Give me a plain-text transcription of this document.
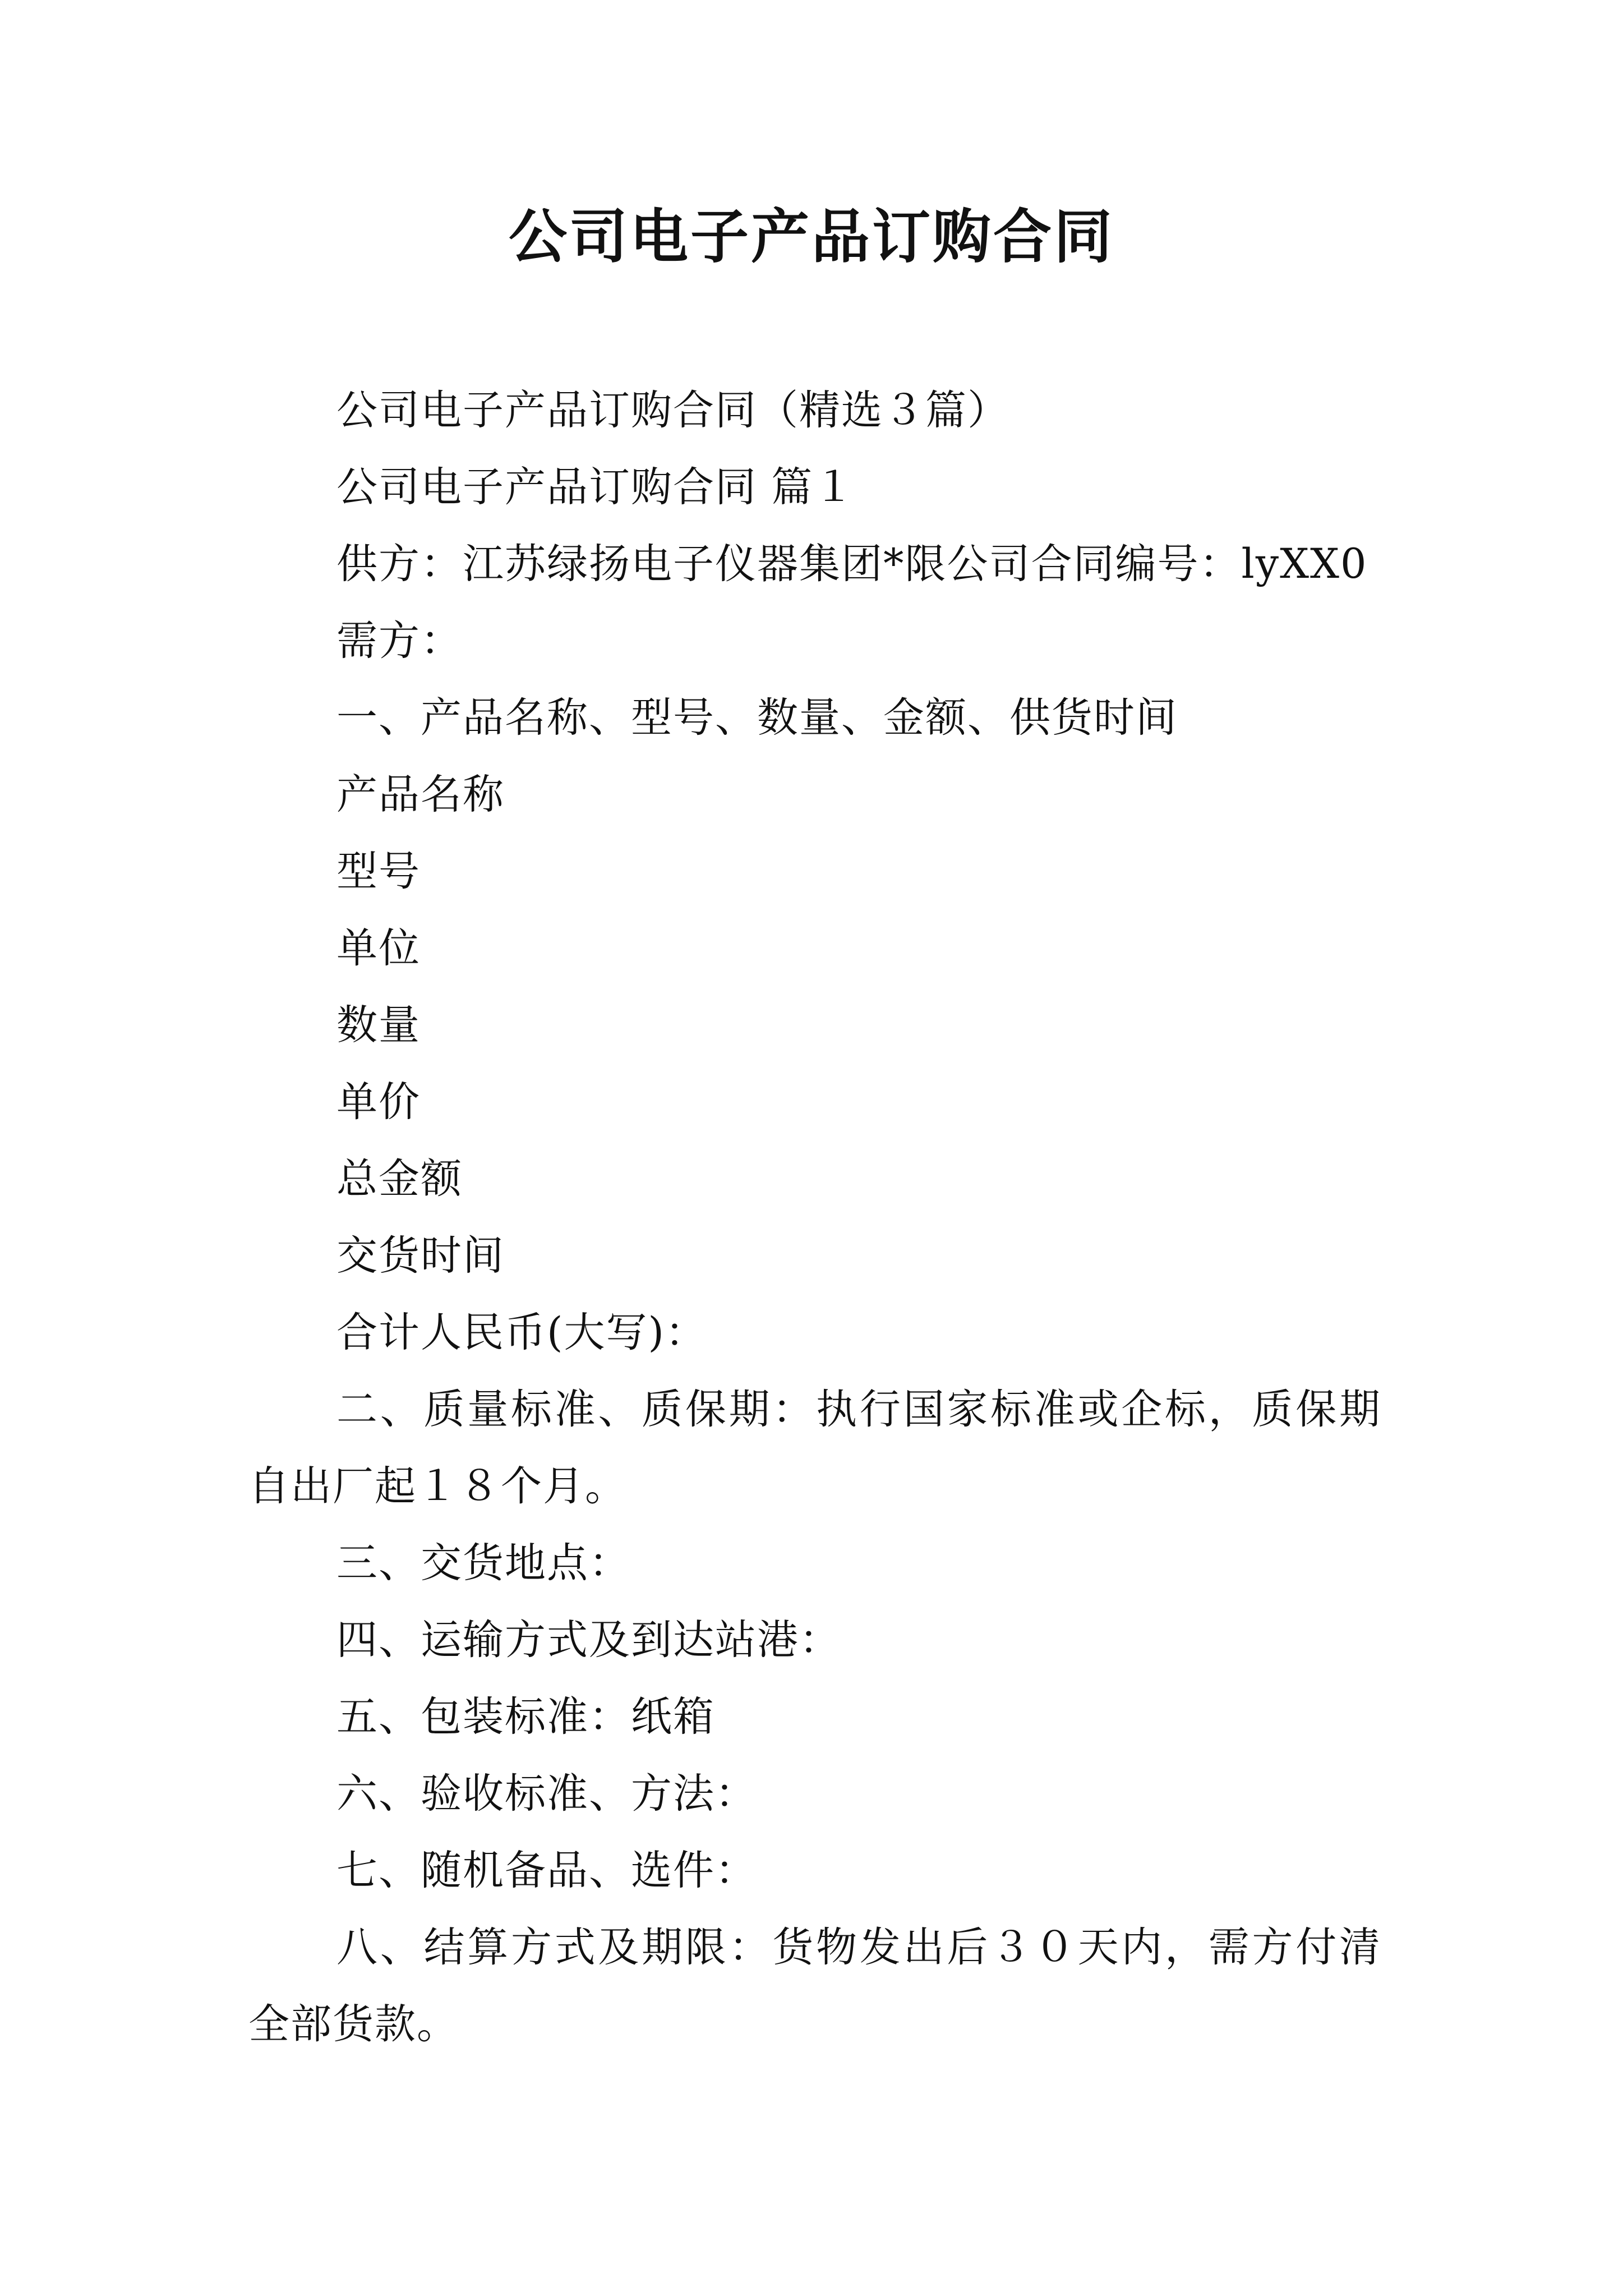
公司电子产品订购合同

公司电子产品订购合同（精选３篇）

公司电子产品订购合同 篇１

供方：江苏绿扬电子仪器集团*限公司合同编号：lyXX0

需方：

一、产品名称、型号、数量、金额、供货时间

产品名称

型号

单位

数量

单价

总金额

交货时间

合计人民币(大写)：

二、质量标准、质保期：执行国家标准或企标，质保期自出厂起１８个月。

三、交货地点：

四、运输方式及到达站港：

五、包装标准：纸箱

六、验收标准、方法：

七、随机备品、选件：

八、结算方式及期限：货物发出后３０天内，需方付清全部货款。
